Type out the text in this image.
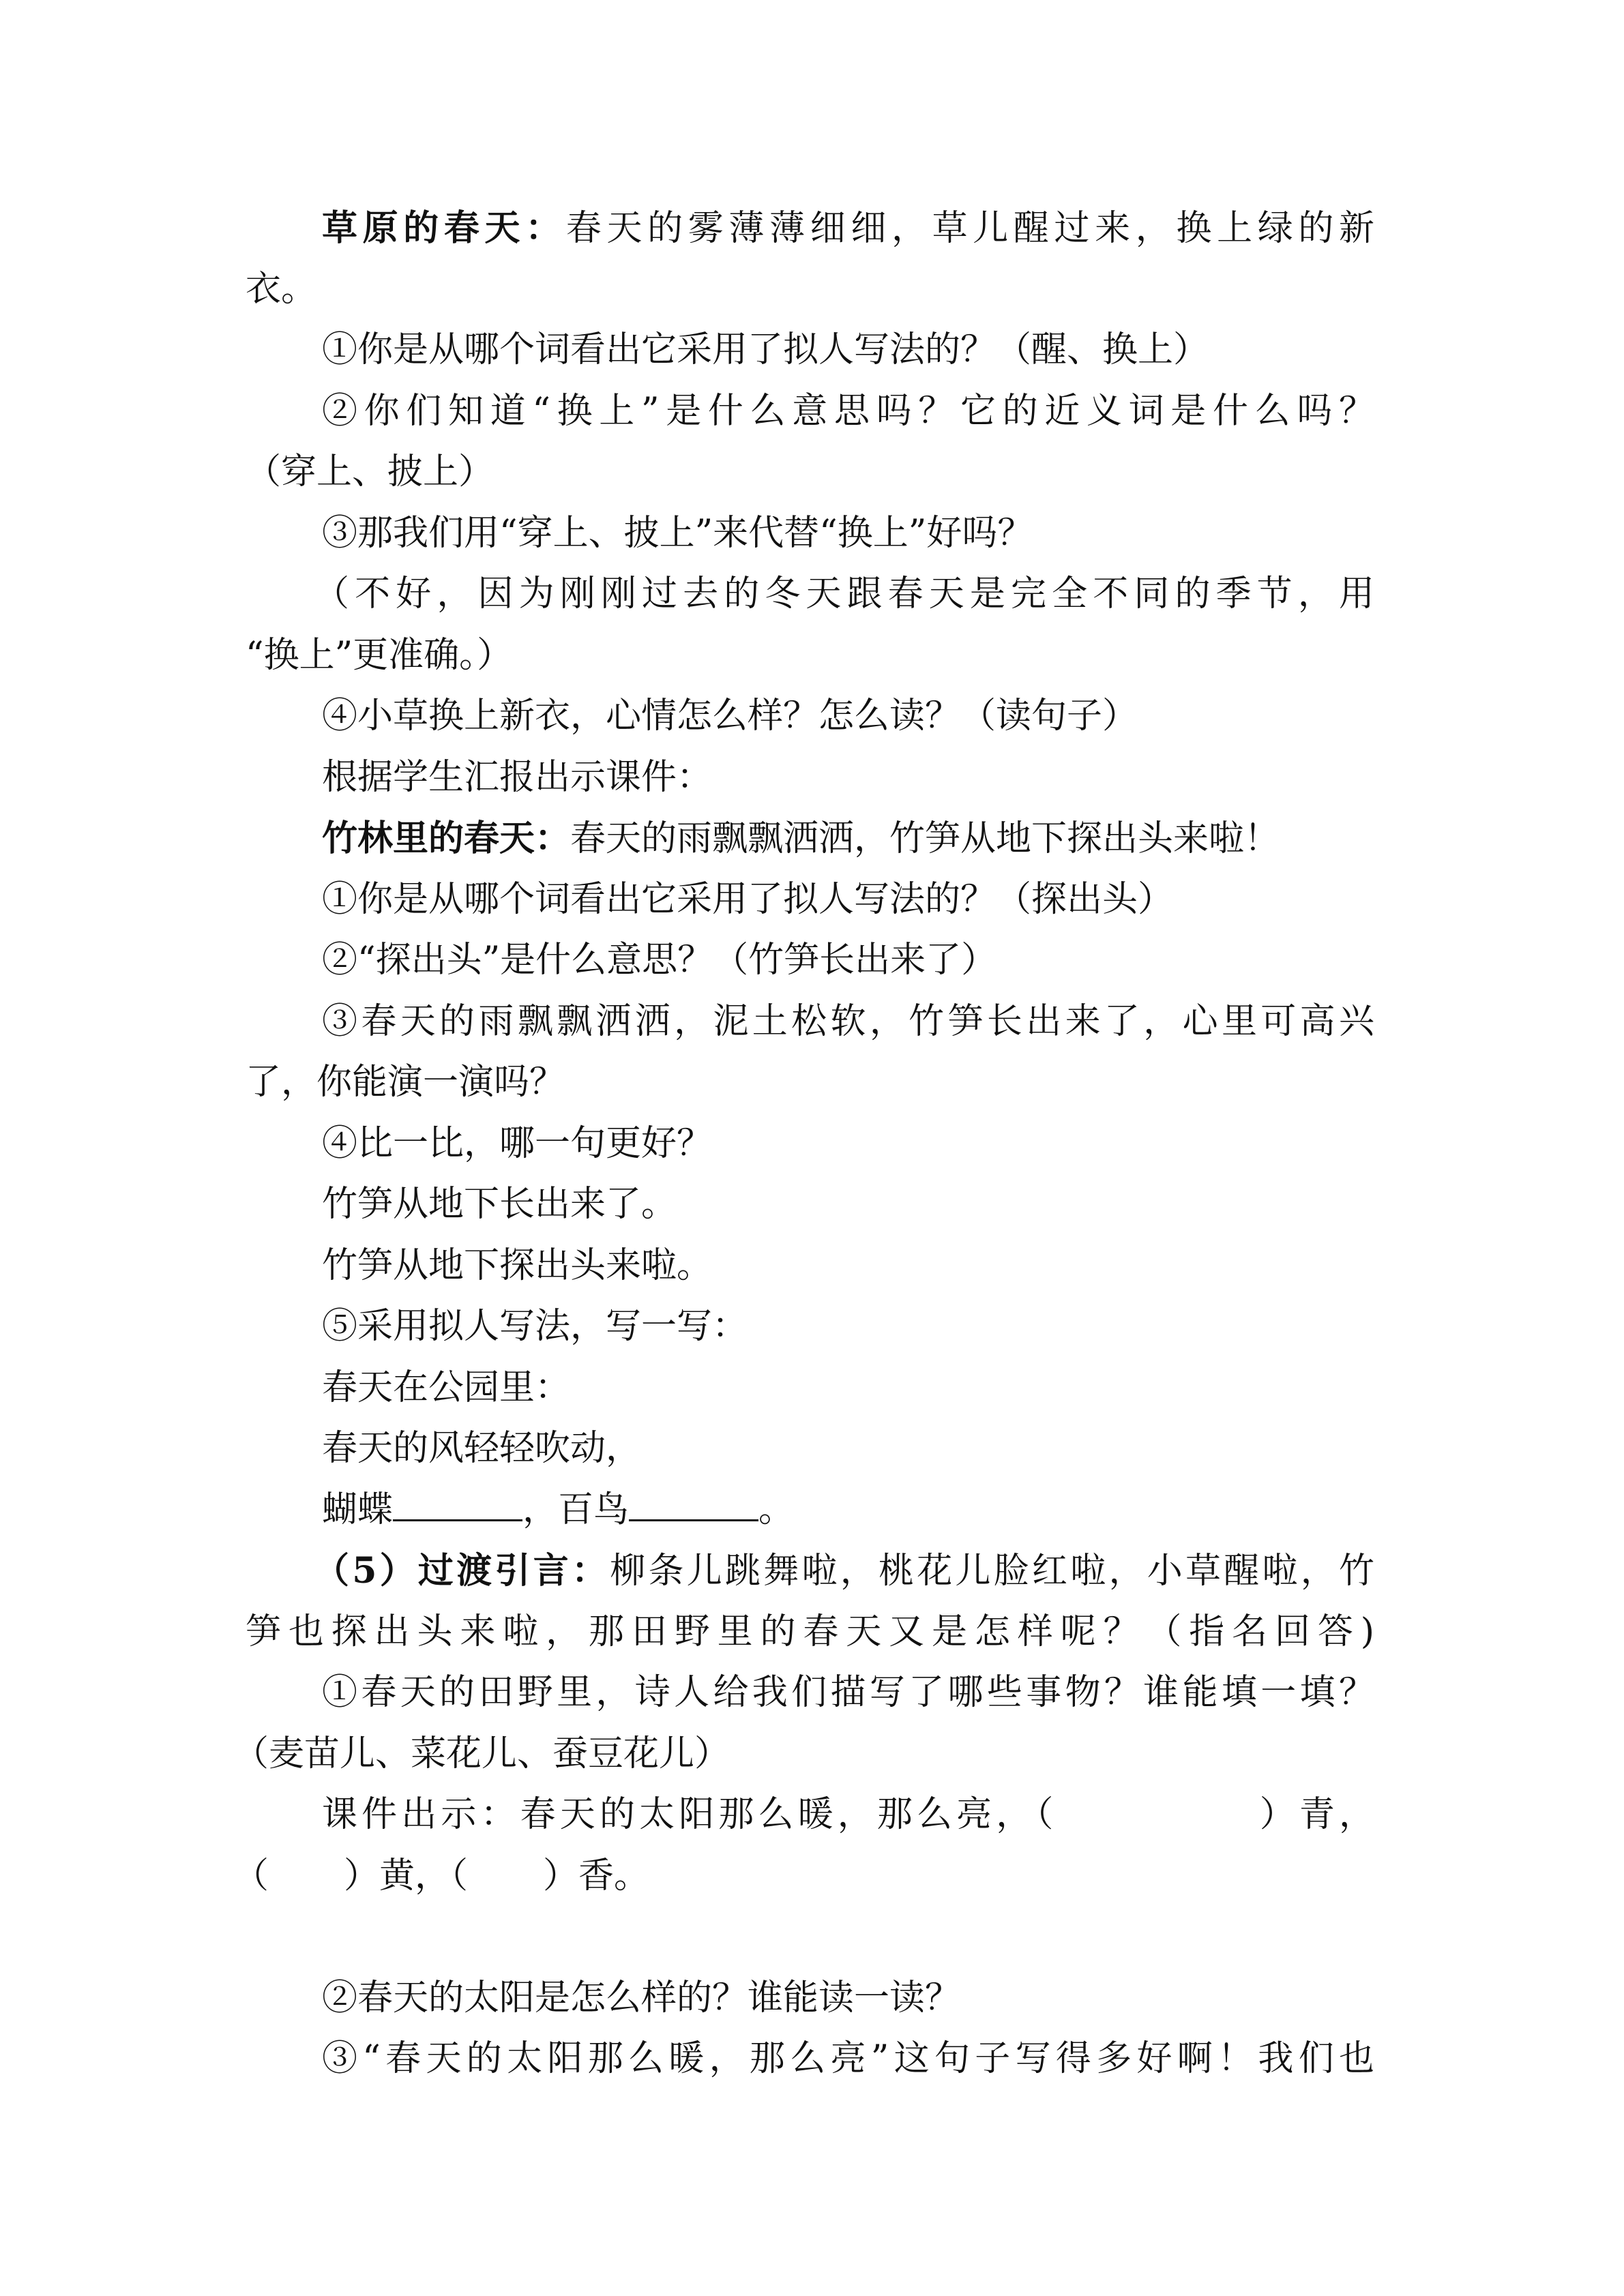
草原的春天：春天的雾薄薄细细，草儿醒过来，换上绿的新

衣。

①你是从哪个词看出它采用了拟人写法的？（醒、换上）

②你们知道“换上”是什么意思吗？它的近义词是什么吗？

（穿上、披上）

③那我们用“穿上、披上”来代替“换上”好吗？

（不好，因为刚刚过去的冬天跟春天是完全不同的季节，用

“换上”更准确。）

④小草换上新衣，心情怎么样？怎么读？（读句子）

根据学生汇报出示课件：

竹林里的春天：春天的雨飘飘洒洒，竹笋从地下探出头来啦！

①你是从哪个词看出它采用了拟人写法的？（探出头）

②“探出头”是什么意思？（竹笋长出来了）

③春天的雨飘飘洒洒，泥土松软，竹笋长出来了，心里可高兴

了，你能演一演吗？

④比一比，哪一句更好？

竹笋从地下长出来了。

竹笋从地下探出头来啦。

⑤采用拟人写法，写一写：

春天在公园里：

春天的风轻轻吹动，

蝴蝶	，百鸟	。

（5）过渡引言：柳条儿跳舞啦，桃花儿脸红啦，小草醒啦，竹

笋也探出头来啦，那田野里的春天又是怎样呢？（指名回答)

①春天的田野里，诗人给我们描写了哪些事物？谁能填一填？

（麦苗儿、菜花儿、蚕豆花儿）

课件出示：春天的太阳那么暖，那么亮，（	）青，

（ ）黄，（ ）香。

②春天的太阳是怎么样的？谁能读一读？

③“春天的太阳那么暖，那么亮”这句子写得多好啊！我们也
